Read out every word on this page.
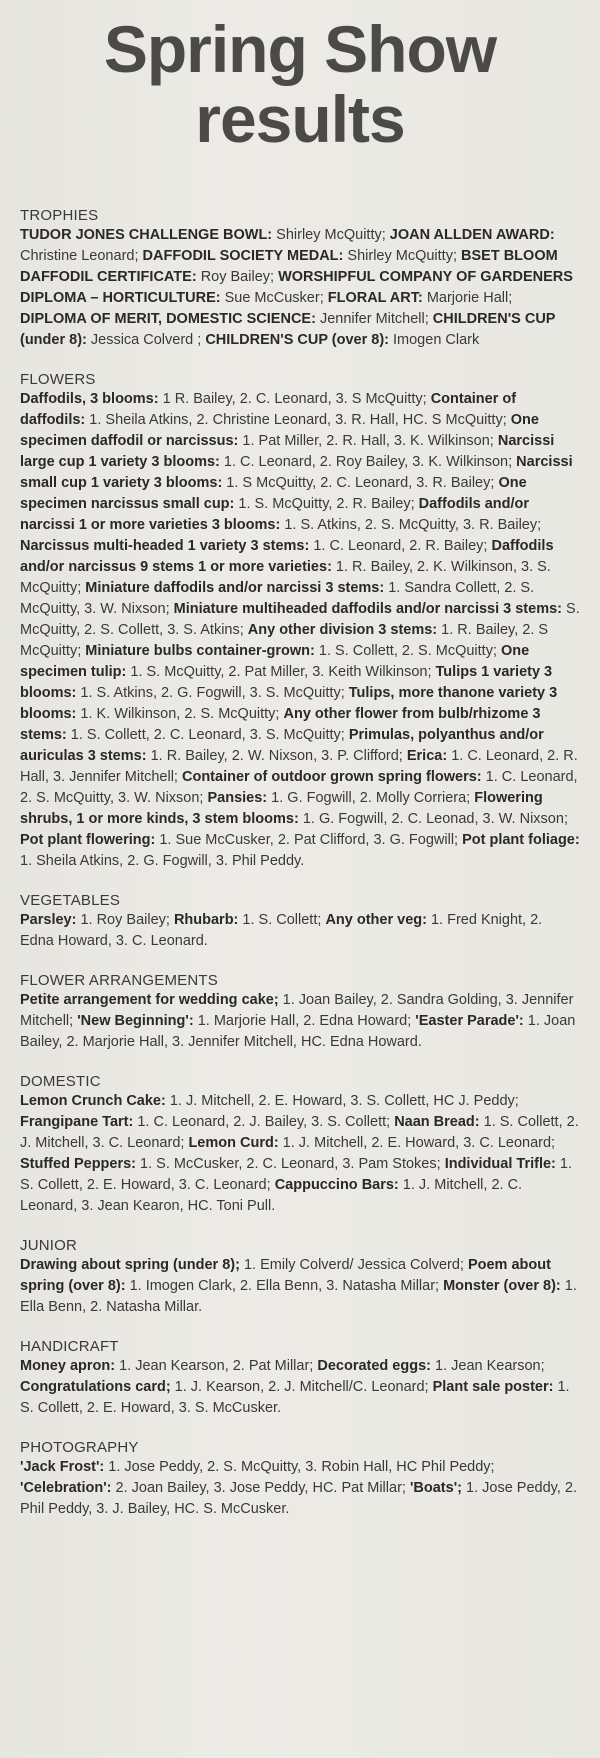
Spring Show
results
TROPHIES

TUDOR JONES CHALLENGE BOWL: Shirley McQuitty; JOAN ALLDEN AWARD: Christine Leonard; DAFFODIL SOCIETY MEDAL: Shirley McQuitty; BSET BLOOM DAFFODIL CERTIFICATE: Roy Bailey; WORSHIPFUL COMPANY OF GARDENERS DIPLOMA – HORTICULTURE: Sue McCusker; FLORAL ART: Marjorie Hall; DIPLOMA OF MERIT, DOMESTIC SCIENCE: Jennifer Mitchell; CHILDREN'S CUP (under 8): Jessica Colverd ; CHILDREN'S CUP (over 8): Imogen Clark

FLOWERS

Daffodils, 3 blooms: 1 R. Bailey, 2. C. Leonard, 3. S McQuitty; Container of daffodils: 1. Sheila Atkins, 2. Christine Leonard, 3. R. Hall, HC. S McQuitty; One specimen daffodil or narcissus: 1. Pat Miller, 2. R. Hall, 3. K. Wilkinson; Narcissi large cup 1 variety 3 blooms: 1. C. Leonard, 2. Roy Bailey, 3. K. Wilkinson; Narcissi small cup 1 variety 3 blooms: 1. S McQuitty, 2. C. Leonard, 3. R. Bailey; One specimen narcissus small cup: 1. S. McQuitty, 2. R. Bailey; Daffodils and/or narcissi 1 or more varieties 3 blooms: 1. S. Atkins, 2. S. McQuitty, 3. R. Bailey; Narcissus multi-headed 1 variety 3 stems: 1. C. Leonard, 2. R. Bailey; Daffodils and/or narcissus 9 stems 1 or more varieties: 1. R. Bailey, 2. K. Wilkinson, 3. S. McQuitty; Miniature daffodils and/or narcissi 3 stems: 1. Sandra Collett, 2. S. McQuitty, 3. W. Nixson; Miniature multiheaded daffodils and/or narcissi 3 stems: S. McQuitty, 2. S. Collett, 3. S. Atkins; Any other division 3 stems: 1. R. Bailey, 2. S McQuitty; Miniature bulbs container-grown: 1. S. Collett, 2. S. McQuitty; One specimen tulip: 1. S. McQuitty, 2. Pat Miller, 3. Keith Wilkinson; Tulips 1 variety 3 blooms: 1. S. Atkins, 2. G. Fogwill, 3. S. McQuitty; Tulips, more thanone variety 3 blooms: 1. K. Wilkinson, 2. S. McQuitty; Any other flower from bulb/rhizome 3 stems: 1. S. Collett, 2. C. Leonard, 3. S. McQuitty; Primulas, polyanthus and/or auriculas 3 stems: 1. R. Bailey, 2. W. Nixson, 3. P. Clifford; Erica: 1. C. Leonard, 2. R. Hall, 3. Jennifer Mitchell; Container of outdoor grown spring flowers: 1. C. Leonard, 2. S. McQuitty, 3. W. Nixson; Pansies: 1. G. Fogwill, 2. Molly Corriera; Flowering shrubs, 1 or more kinds, 3 stem blooms: 1. G. Fogwill, 2. C. Leonad, 3. W. Nixson; Pot plant flowering: 1. Sue McCusker, 2. Pat Clifford, 3. G. Fogwill; Pot plant foliage: 1. Sheila Atkins, 2. G. Fogwill, 3. Phil Peddy.

VEGETABLES

Parsley: 1. Roy Bailey; Rhubarb: 1. S. Collett; Any other veg: 1. Fred Knight, 2. Edna Howard, 3. C. Leonard.

FLOWER ARRANGEMENTS

Petite arrangement for wedding cake; 1. Joan Bailey, 2. Sandra Golding, 3. Jennifer Mitchell; 'New Beginning': 1. Marjorie Hall, 2. Edna Howard; 'Easter Parade': 1. Joan Bailey, 2. Marjorie Hall, 3. Jennifer Mitchell, HC. Edna Howard.

DOMESTIC

Lemon Crunch Cake: 1. J. Mitchell, 2. E. Howard, 3. S. Collett, HC J. Peddy; Frangipane Tart: 1. C. Leonard, 2. J. Bailey, 3. S. Collett; Naan Bread: 1. S. Collett, 2. J. Mitchell, 3. C. Leonard; Lemon Curd: 1. J. Mitchell, 2. E. Howard, 3. C. Leonard; Stuffed Peppers: 1. S. McCusker, 2. C. Leonard, 3. Pam Stokes; Individual Trifle: 1. S. Collett, 2. E. Howard, 3. C. Leonard; Cappuccino Bars: 1. J. Mitchell, 2. C. Leonard, 3. Jean Kearon, HC. Toni Pull.

JUNIOR

Drawing about spring (under 8); 1. Emily Colverd/ Jessica Colverd; Poem about spring (over 8): 1. Imogen Clark, 2. Ella Benn, 3. Natasha Millar; Monster (over 8): 1. Ella Benn, 2. Natasha Millar.

HANDICRAFT

Money apron: 1. Jean Kearson, 2. Pat Millar; Decorated eggs: 1. Jean Kearson; Congratulations card; 1. J. Kearson, 2. J. Mitchell/C. Leonard; Plant sale poster: 1. S. Collett, 2. E. Howard, 3. S. McCusker.

PHOTOGRAPHY

'Jack Frost': 1. Jose Peddy, 2. S. McQuitty, 3. Robin Hall, HC Phil Peddy; 'Celebration': 2. Joan Bailey, 3. Jose Peddy, HC. Pat Millar; 'Boats'; 1. Jose Peddy, 2. Phil Peddy, 3. J. Bailey, HC. S. McCusker.
